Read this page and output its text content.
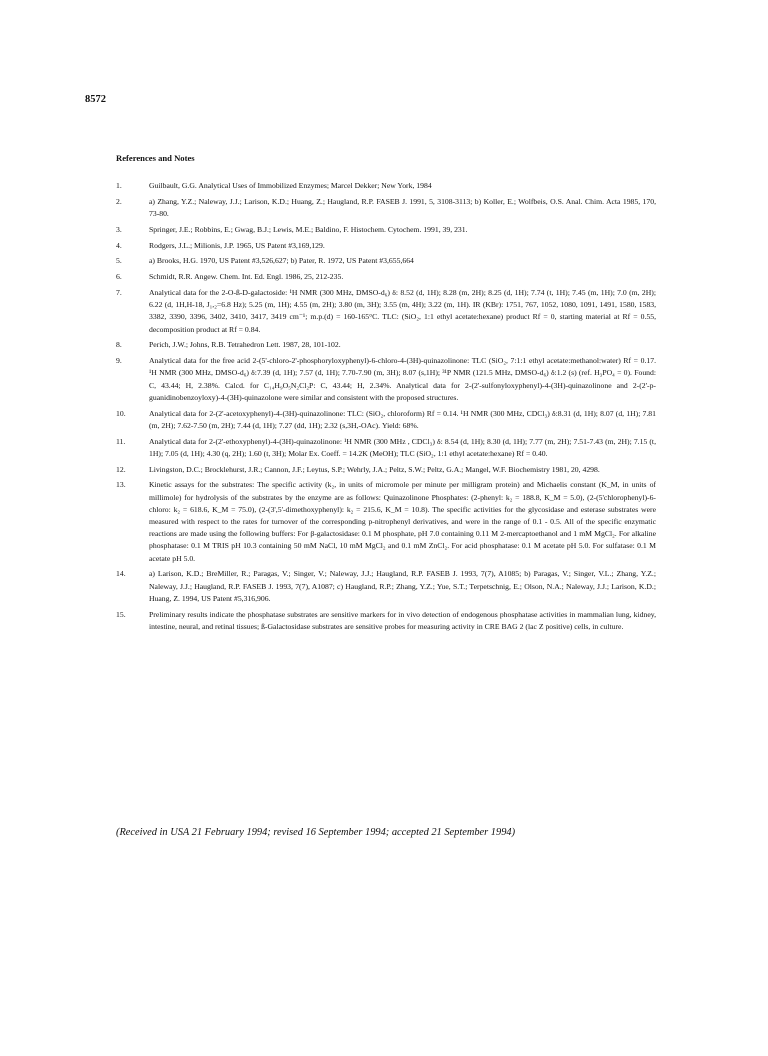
8572
References and Notes
1.	Guilbault, G.G. Analytical Uses of Immobilized Enzymes; Marcel Dekker; New York, 1984
2.	a) Zhang, Y.Z.; Naleway, J.J.; Larison, K.D.; Huang, Z.; Haugland, R.P. FASEB J. 1991, 5, 3108-3113; b) Koller, E.; Wolfbeis, O.S. Anal. Chim. Acta 1985, 170, 73-80.
3.	Springer, J.E.; Robbins, E.; Gwag, B.J.; Lewis, M.E.; Baldino, F. Histochem. Cytochem. 1991, 39, 231.
4.	Rodgers, J.L.; Milionis, J.P. 1965, US Patent #3,169,129.
5.	a) Brooks, H.G. 1970, US Patent #3,526,627; b) Pater, R. 1972, US Patent #3,655,664
6.	Schmidt, R.R. Angew. Chem. Int. Ed. Engl. 1986, 25, 212-235.
7.	Analytical data for the 2-O-ß-D-galactoside: ¹H NMR (300 MHz, DMSO-d₆) δ: 8.52 (d, 1H); 8.28 (m, 2H); 8.25 (d, 1H); 7.74 (t, 1H); 7.45 (m, 1H); 7.0 (m, 2H); 6.22 (d, 1H,H-18, J₁,₂=6.8 Hz); 5.25 (m, 1H); 4.55 (m, 2H); 3.80 (m, 3H); 3.55 (m, 4H); 3.22 (m, 1H). IR (KBr): 1751, 767, 1052, 1080, 1091, 1491, 1580, 1583, 3382, 3390, 3396, 3402, 3410, 3417, 3419 cm⁻¹; m.p.(d) = 160-165°C. TLC: (SiO₂, 1:1 ethyl acetate:hexane) product Rf = 0, starting material at Rf = 0.55, decomposition product at Rf = 0.84.
8.	Perich, J.W.; Johns, R.B. Tetrahedron Lett. 1987, 28, 101-102.
9.	Analytical data for the free acid 2-(5'-chloro-2'-phosphoryloxyphenyl)-6-chloro-4-(3H)-quinazolinone: TLC (SiO₂, 7:1:1 ethyl acetate:methanol:water) Rf = 0.17. ¹H NMR (300 MHz, DMSO-d₆) δ:7.39 (d, 1H); 7.57 (d, 1H); 7.70-7.90 (m, 3H); 8.07 (s,1H); ³¹P NMR (121.5 MHz, DMSO-d₆) δ:1.2 (s) (ref. H₃PO₄ = 0). Found: C, 43.44; H, 2.38%. Calcd. for C₁₄H₉O₅N₂Cl₂P: C, 43.44; H, 2.34%. Analytical data for 2-(2'-sulfonyloxyphenyl)-4-(3H)-quinazolinone and 2-(2'-p-guanidinobenzoyloxy)-4-(3H)-quinazolone were similar and consistent with the proposed structures.
10.	Analytical data for 2-(2'-acetoxyphenyl)-4-(3H)-quinazolinone: TLC: (SiO₂, chloroform) Rf = 0.14. ¹H NMR (300 MHz, CDCl₃) δ:8.31 (d, 1H); 8.07 (d, 1H); 7.81 (m, 2H); 7.62-7.50 (m, 2H); 7.44 (d, 1H); 7.27 (dd, 1H); 2.32 (s,3H,-OAc). Yield: 68%.
11.	Analytical data for 2-(2'-ethoxyphenyl)-4-(3H)-quinazolinone: ¹H NMR (300 MHz , CDCl₃) δ: 8.54 (d, 1H); 8.30 (d, 1H); 7.77 (m, 2H); 7.51-7.43 (m, 2H); 7.15 (t, 1H); 7.05 (d, 1H); 4.30 (q, 2H); 1.60 (t, 3H); Molar Ex. Coeff. = 14.2K (MeOH); TLC (SiO₂, 1:1 ethyl acetate:hexane) Rf = 0.40.
12.	Livingston, D.C.; Brocklehurst, J.R.; Cannon, J.F.; Leytus, S.P.; Wehrly, J.A.; Peltz, S.W.; Peltz, G.A.; Mangel, W.F. Biochemistry 1981, 20, 4298.
13.	Kinetic assays for the substrates: The specific activity (k₂, in units of micromole per minute per milligram protein) and Michaelis constant (K_M, in units of millimole) for hydrolysis of the substrates by the enzyme are as follows: Quinazolinone Phosphates: (2-phenyl: k₂ = 188.8, K_M = 5.0), (2-(5'chlorophenyl)-6-chloro: k₂ = 618.6, K_M = 75.0), (2-(3',5'-dimethoxyphenyl): k₂ = 215.6, K_M = 10.8). The specific activities for the glycosidase and esterase substrates were measured with respect to the rates for turnover of the corresponding p-nitrophenyl derivatives, and were in the range of 0.1 - 0.5. All of the specific enzymatic reactions are made using the following buffers: For β-galactosidase: 0.1 M phosphate, pH 7.0 containing 0.11 M 2-mercaptoethanol and 1 mM MgCl₂. For alkaline phosphatase: 0.1 M TRIS pH 10.3 containing 50 mM NaCl, 10 mM MgCl₂ and 0.1 mM ZnCl₂. For acid phosphatase: 0.1 M acetate pH 5.0. For sulfatase: 0.1 M acetate pH 5.0.
14.	a) Larison, K.D.; BreMiller, R.; Paragas, V.; Singer, V.; Naleway, J.J.; Haugland, R.P. FASEB J. 1993, 7(7), A1085; b) Paragas, V.; Singer, V.L.; Zhang, Y.Z.; Naleway, J.J.; Haugland, R.P. FASEB J. 1993, 7(7), A1087; c) Haugland, R.P.; Zhang, Y.Z.; Yue, S.T.; Terpetschnig, E.; Olson, N.A.; Naleway, J.J.; Larison, K.D.; Huang, Z. 1994, US Patent #5,316,906.
15.	Preliminary results indicate the phosphatase substrates are sensitive markers for in vivo detection of endogenous phosphatase activities in mammalian lung, kidney, intestine, neural, and retinal tissues; ß-Galactosidase substrates are sensitive probes for measuring activity in CRE BAG 2 (lac Z positive) cells, in culture.
(Received in USA 21 February 1994; revised 16 September 1994; accepted 21 September 1994)
